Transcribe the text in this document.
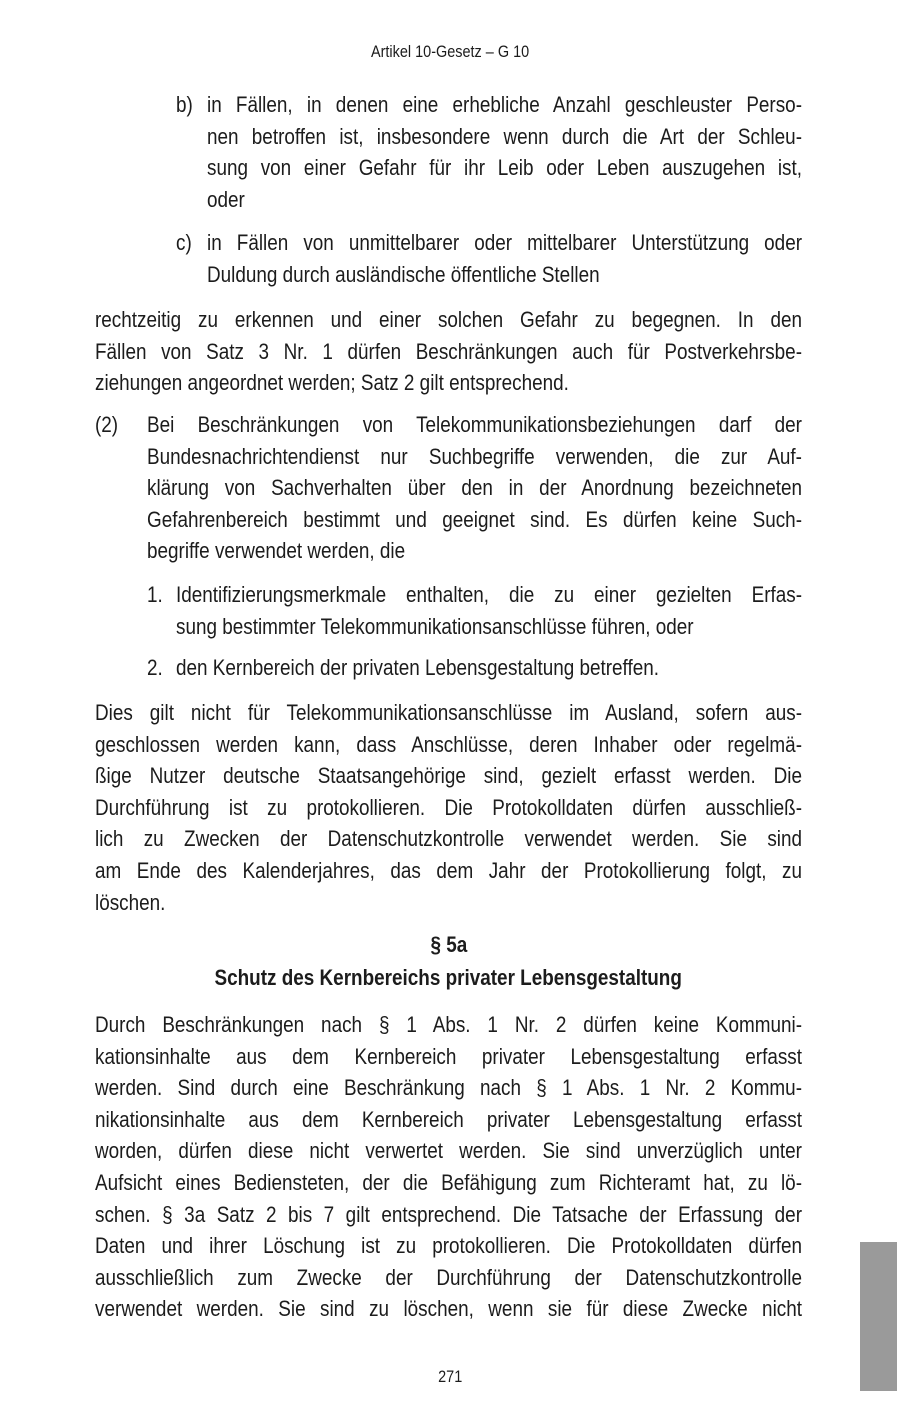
Artikel 10-Gesetz – G 10
b) in Fällen, in denen eine erhebliche Anzahl geschleuster Perso-
nen betroffen ist, insbesondere wenn durch die Art der Schleu-
sung von einer Gefahr für ihr Leib oder Leben auszugehen ist,
oder
c) in Fällen von unmittelbarer oder mittelbarer Unterstützung oder
Duldung durch ausländische öffentliche Stellen
rechtzeitig zu erkennen und einer solchen Gefahr zu begegnen. In den
Fällen von Satz 3 Nr. 1 dürfen Beschränkungen auch für Postverkehrsbe-
ziehungen angeordnet werden; Satz 2 gilt entsprechend.
(2) Bei Beschränkungen von Telekommunikationsbeziehungen darf der
Bundesnachrichtendienst nur Suchbegriffe verwenden, die zur Auf-
klärung von Sachverhalten über den in der Anordnung bezeichneten
Gefahrenbereich bestimmt und geeignet sind. Es dürfen keine Such-
begriffe verwendet werden, die
1. Identifizierungsmerkmale enthalten, die zu einer gezielten Erfas-
sung bestimmter Telekommunikationsanschlüsse führen, oder
2. den Kernbereich der privaten Lebensgestaltung betreffen.
Dies gilt nicht für Telekommunikationsanschlüsse im Ausland, sofern aus-
geschlossen werden kann, dass Anschlüsse, deren Inhaber oder regelmä-
ßige Nutzer deutsche Staatsangehörige sind, gezielt erfasst werden. Die
Durchführung ist zu protokollieren. Die Protokolldaten dürfen ausschließ-
lich zu Zwecken der Datenschutzkontrolle verwendet werden. Sie sind
am Ende des Kalenderjahres, das dem Jahr der Protokollierung folgt, zu
löschen.
§ 5a
Schutz des Kernbereichs privater Lebensgestaltung
Durch Beschränkungen nach § 1 Abs. 1 Nr. 2 dürfen keine Kommuni-
kationsinhalte aus dem Kernbereich privater Lebensgestaltung erfasst
werden. Sind durch eine Beschränkung nach § 1 Abs. 1 Nr. 2 Kommu-
nikationsinhalte aus dem Kernbereich privater Lebensgestaltung erfasst
worden, dürfen diese nicht verwertet werden. Sie sind unverzüglich unter
Aufsicht eines Bediensteten, der die Befähigung zum Richteramt hat, zu lö-
schen. § 3a Satz 2 bis 7 gilt entsprechend. Die Tatsache der Erfassung der
Daten und ihrer Löschung ist zu protokollieren. Die Protokolldaten dürfen
ausschließlich zum Zwecke der Durchführung der Datenschutzkontrolle
verwendet werden. Sie sind zu löschen, wenn sie für diese Zwecke nicht
271
